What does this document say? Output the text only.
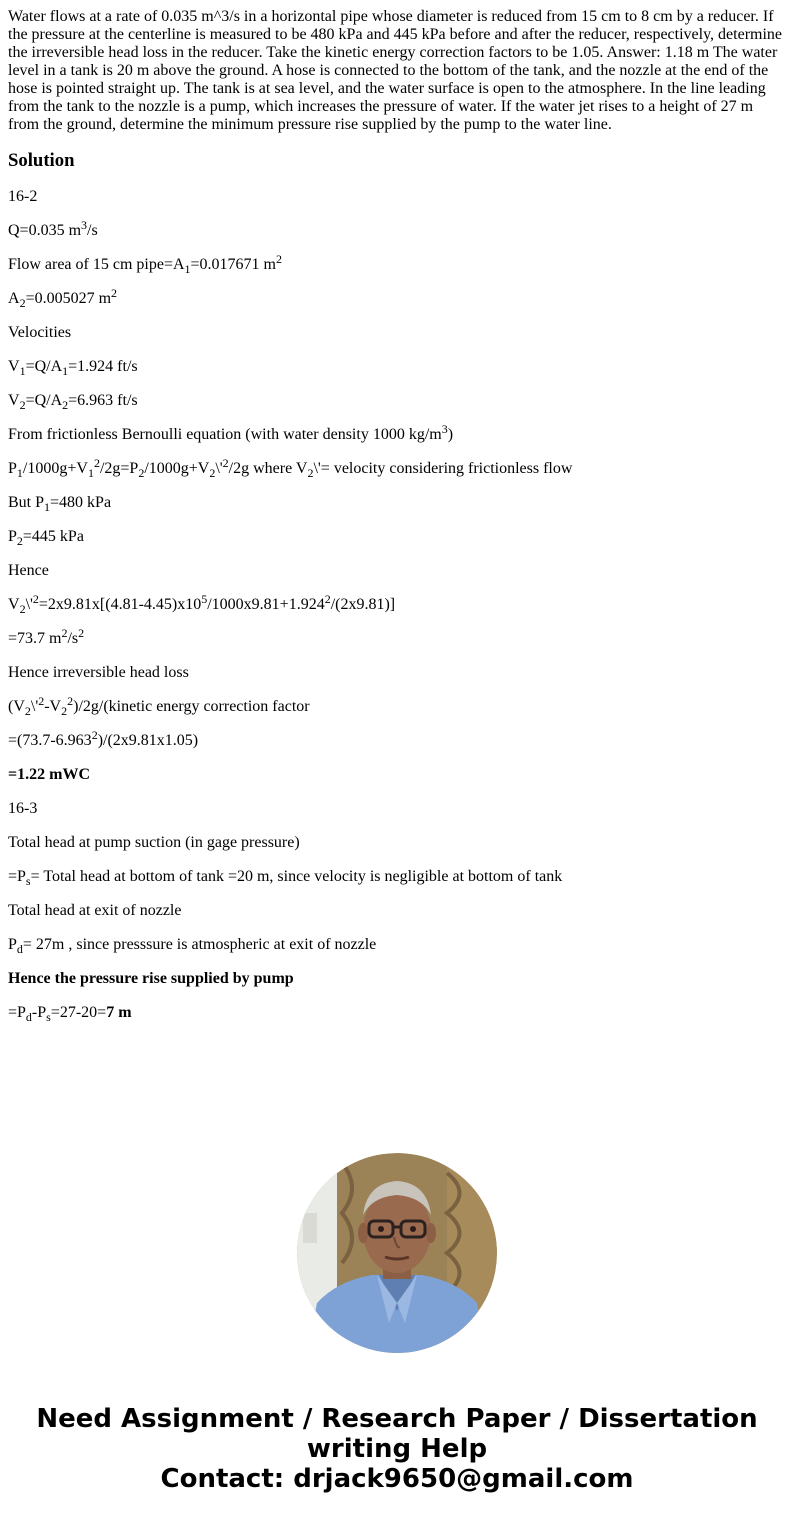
Water flows at a rate of 0.035 m^3/s in a horizontal pipe whose diameter is reduced from 15 cm to 8 cm by a reducer. If the pressure at the centerline is measured to be 480 kPa and 445 kPa before and after the reducer, respectively, determine the irreversible head loss in the reducer. Take the kinetic energy correction factors to be 1.05. Answer: 1.18 m The water level in a tank is 20 m above the ground. A hose is connected to the bottom of the tank, and the nozzle at the end of the hose is pointed straight up. The tank is at sea level, and the water surface is open to the atmosphere. In the line leading from the tank to the nozzle is a pump, which increases the pressure of water. If the water jet rises to a height of 27 m from the ground, determine the minimum pressure rise supplied by the pump to the water line.
Solution

16-2

Q=0.035 $m^3/s$

Flow area of 15 cm $pipe=A_1=0.017671$ $m^2$

$A_2=0.005027$ $m^2$

Velocities

$V_1=Q/A_1=1.924$ ft/s

$V_2=Q/A_2=6.963$ ft/s

From frictionless Bernoulli equation (with water density 1000 $kg/m^3$)

$P_1/1000g+V_1^2/2g=P_2/1000g+V_2\backslash'^2/2g$ where $V_2\backslash'=$ velocity considering frictionless flow

But $P_1=480$ kPa

$P_2=445$ kPa

Hence

$V_2\backslash'^2=2x9.81x[(4.81-4.45)x10^5/1000x9.81+1.924^2/(2x9.81)]$

=73.7 $m^2/s^2$

Hence irreversible head loss

$(V_2\backslash'^2-V_2^2)/2g/(kinetic$ energy correction factor

$=(73.7-6.963^2)/(2x9.81x1.05)$

=1.22 mWC

16-3

Total head at pump suction (in gage pressure)

$=P_s=$ Total head at bottom of tank =20 m, since velocity is negligible at bottom of tank

Total head at exit of nozzle

$P_d= 27m$ , since presssure is atmospheric at exit of nozzle

Hence the pressure rise supplied by pump

$=P_d-P_s=27-20=7$ m

Need Assignment / Research Paper / Dissertation
writing Help
Contact: drjack9650@gmail.com
